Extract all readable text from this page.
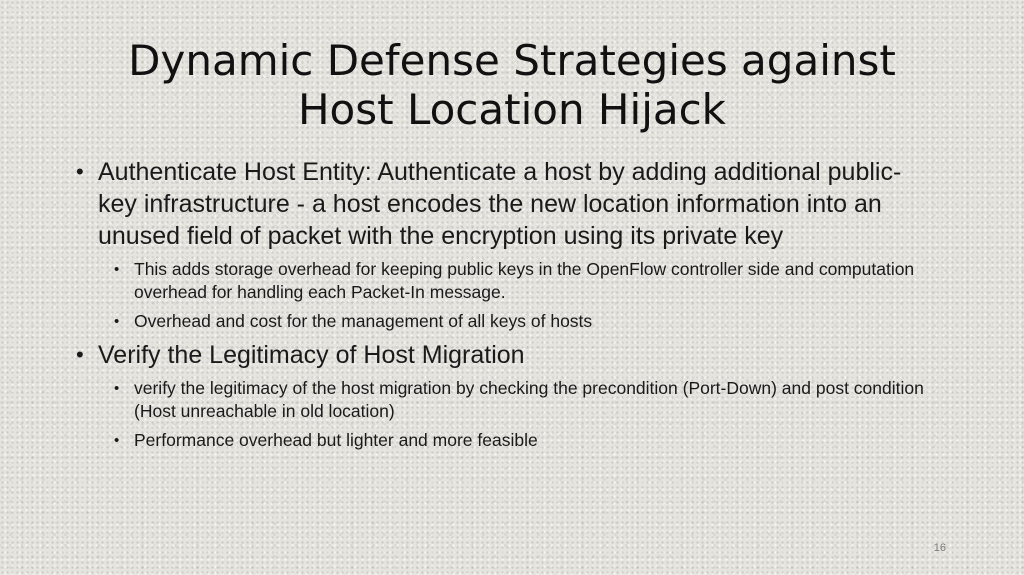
Dynamic Defense Strategies against
Host Location Hijack

• Authenticate Host Entity: Authenticate a host by adding additional public-key infrastructure - a host encodes the new location information into an unused field of packet with the encryption using its private key

• This adds storage overhead for keeping public keys in the OpenFlow controller side and computation overhead for handling each Packet-In message.

• Overhead and cost for the management of all keys of hosts

• Verify the Legitimacy of Host Migration

• verify the legitimacy of the host migration by checking the precondition (Port-Down) and post condition (Host unreachable in old location)

• Performance overhead but lighter and more feasible

16
